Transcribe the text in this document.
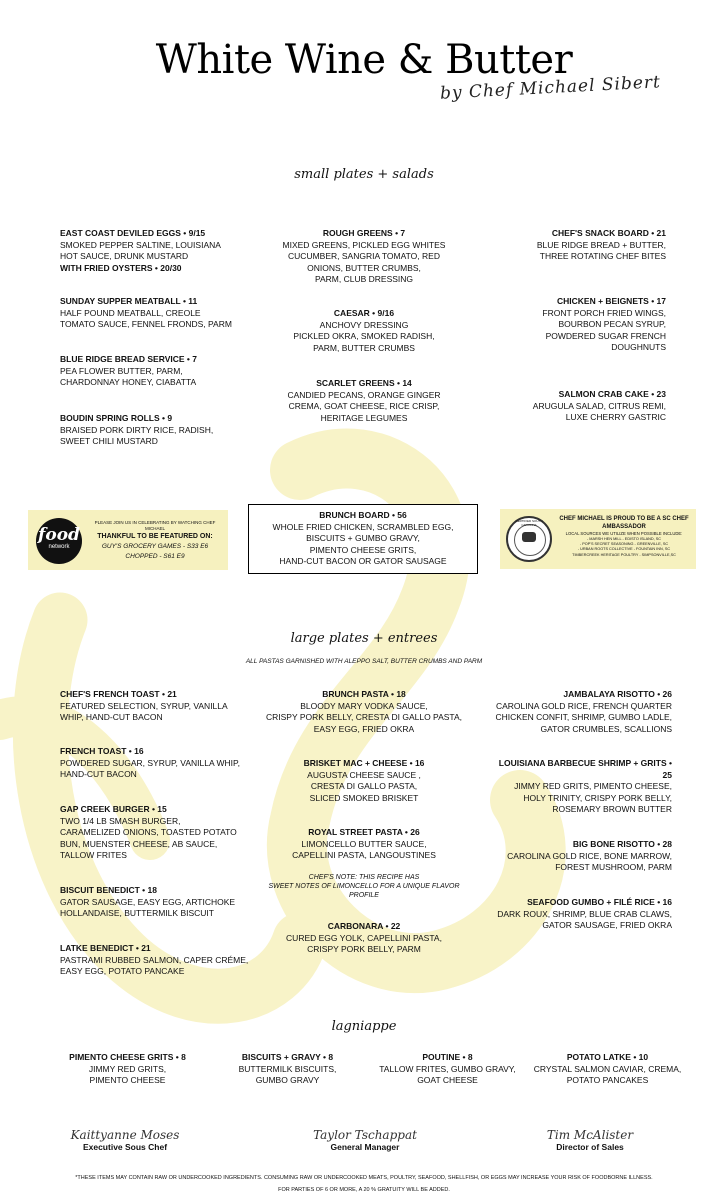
White Wine & Butter
by Chef Michael Sibert
small plates + salads
EAST COAST DEVILED EGGS • 9/15
SMOKED PEPPER SALTINE, LOUISIANA
HOT SAUCE, DRUNK MUSTARD
WITH FRIED OYSTERS • 20/30
SUNDAY SUPPER MEATBALL • 11
HALF POUND MEATBALL, CREOLE
TOMATO SAUCE, FENNEL FRONDS, PARM
BLUE RIDGE BREAD SERVICE • 7
PEA FLOWER BUTTER, PARM,
CHARDONNAY HONEY, CIABATTA
BOUDIN SPRING ROLLS • 9
BRAISED PORK DIRTY RICE, RADISH,
SWEET CHILI MUSTARD
ROUGH GREENS • 7
MIXED GREENS, PICKLED EGG WHITES
CUCUMBER, SANGRIA TOMATO, RED
ONIONS, BUTTER CRUMBS,
PARM, CLUB DRESSING
CAESAR • 9/16
ANCHOVY DRESSING
PICKLED OKRA, SMOKED RADISH,
PARM, BUTTER CRUMBS
SCARLET GREENS • 14
CANDIED PECANS, ORANGE GINGER
CREMA, GOAT CHEESE, RICE CRISP,
HERITAGE LEGUMES
CHEF'S SNACK BOARD • 21
BLUE RIDGE BREAD + BUTTER,
THREE ROTATING CHEF BITES
CHICKEN + BEIGNETS • 17
FRONT PORCH FRIED WINGS,
BOURBON PECAN SYRUP,
POWDERED SUGAR FRENCH
DOUGHNUTS
SALMON CRAB CAKE • 23
ARUGULA SALAD, CITRUS REMI,
LUXE CHERRY GASTRIC
food
network
PLEASE JOIN US IN CELEBRATING BY WATCHING CHEF MICHAEL
THANKFUL TO BE FEATURED ON:
GUY'S GROCERY GAMES - S33 E6
CHOPPED - S61 E9
BRUNCH BOARD • 56
WHOLE FRIED CHICKEN, SCRAMBLED EGG,
BISCUITS + GUMBO GRAVY,
PIMENTO CHEESE GRITS,
HAND-CUT BACON OR GATOR SAUSAGE
CERTIFIED SOUTH CAROLINA
CHEF MICHAEL IS PROUD TO BE A SC CHEF AMBASSADOR
LOCAL SOURCES WE UTILIZE WHEN POSSIBLE INCLUDE:
- MARSH HEN MILL - EDISTO ISLAND, SC
- POP'S SECRET SEASONING - GREENVILLE, SC
- URBAN ROOTS COLLECTIVE - FOUNTAIN INN, SC
TIMBERCREEK HERITAGE POULTRY - SIMPSONVILLE,SC
large plates + entrees
ALL PASTAS GARNISHED WITH ALEPPO SALT, BUTTER CRUMBS AND PARM
CHEF'S FRENCH TOAST • 21
FEATURED SELECTION, SYRUP, VANILLA
WHIP, HAND-CUT BACON
FRENCH TOAST • 16
POWDERED SUGAR, SYRUP, VANILLA WHIP,
HAND-CUT BACON
GAP CREEK BURGER • 15
TWO 1/4 LB SMASH BURGER,
CARAMELIZED ONIONS, TOASTED POTATO
BUN, MUENSTER CHEESE, AB SAUCE,
TALLOW FRITES
BISCUIT BENEDICT • 18
GATOR SAUSAGE, EASY EGG, ARTICHOKE
HOLLANDAISE, BUTTERMILK BISCUIT
LATKE BENEDICT • 21
PASTRAMI RUBBED SALMON, CAPER CRÉME,
EASY EGG, POTATO PANCAKE
BRUNCH PASTA • 18
BLOODY MARY VODKA SAUCE,
CRISPY PORK BELLY, CRESTA DI GALLO PASTA,
EASY EGG, FRIED OKRA
BRISKET MAC + CHEESE • 16
AUGUSTA CHEESE SAUCE ,
CRESTA DI GALLO PASTA,
SLICED SMOKED BRISKET
ROYAL STREET PASTA • 26
LIMONCELLO BUTTER SAUCE,
CAPELLINI PASTA, LANGOUSTINES
CHEF'S NOTE: THIS RECIPE HAS
SWEET NOTES OF LIMONCELLO FOR A UNIQUE FLAVOR
PROFILE
CARBONARA • 22
CURED EGG YOLK, CAPELLINI PASTA,
CRISPY PORK BELLY, PARM
JAMBALAYA RISOTTO • 26
CAROLINA GOLD RICE, FRENCH QUARTER
CHICKEN CONFIT, SHRIMP, GUMBO LADLE,
GATOR CRUMBLES, SCALLIONS
LOUISIANA BARBECUE SHRIMP + GRITS •
25
JIMMY RED GRITS, PIMENTO CHEESE,
HOLY TRINITY, CRISPY PORK BELLY,
ROSEMARY BROWN BUTTER
BIG BONE RISOTTO • 28
CAROLINA GOLD RICE, BONE MARROW,
FOREST MUSHROOM, PARM
SEAFOOD GUMBO + FILÉ RICE • 16
DARK ROUX, SHRIMP, BLUE CRAB CLAWS,
GATOR SAUSAGE, FRIED OKRA
lagniappe
PIMENTO CHEESE GRITS • 8
JIMMY RED GRITS,
PIMENTO CHEESE
BISCUITS + GRAVY • 8
BUTTERMILK BISCUITS,
GUMBO GRAVY
POUTINE • 8
TALLOW FRITES, GUMBO GRAVY,
GOAT CHEESE
POTATO LATKE • 10
CRYSTAL SALMON CAVIAR, CREMA,
POTATO PANCAKES
Kaittyanne Moses
Executive Sous Chef
Taylor Tschappat
General Manager
Tim McAlister
Director of Sales
*THESE ITEMS MAY CONTAIN RAW OR UNDERCOOKED INGREDIENTS. CONSUMING RAW OR UNDERCOOKED MEATS, POULTRY, SEAFOOD, SHELLFISH, OR EGGS MAY INCREASE YOUR RISK OF FOODBORNE ILLNESS.
FOR PARTIES OF 6 OR MORE, A 20 % GRATUITY WILL BE ADDED.
